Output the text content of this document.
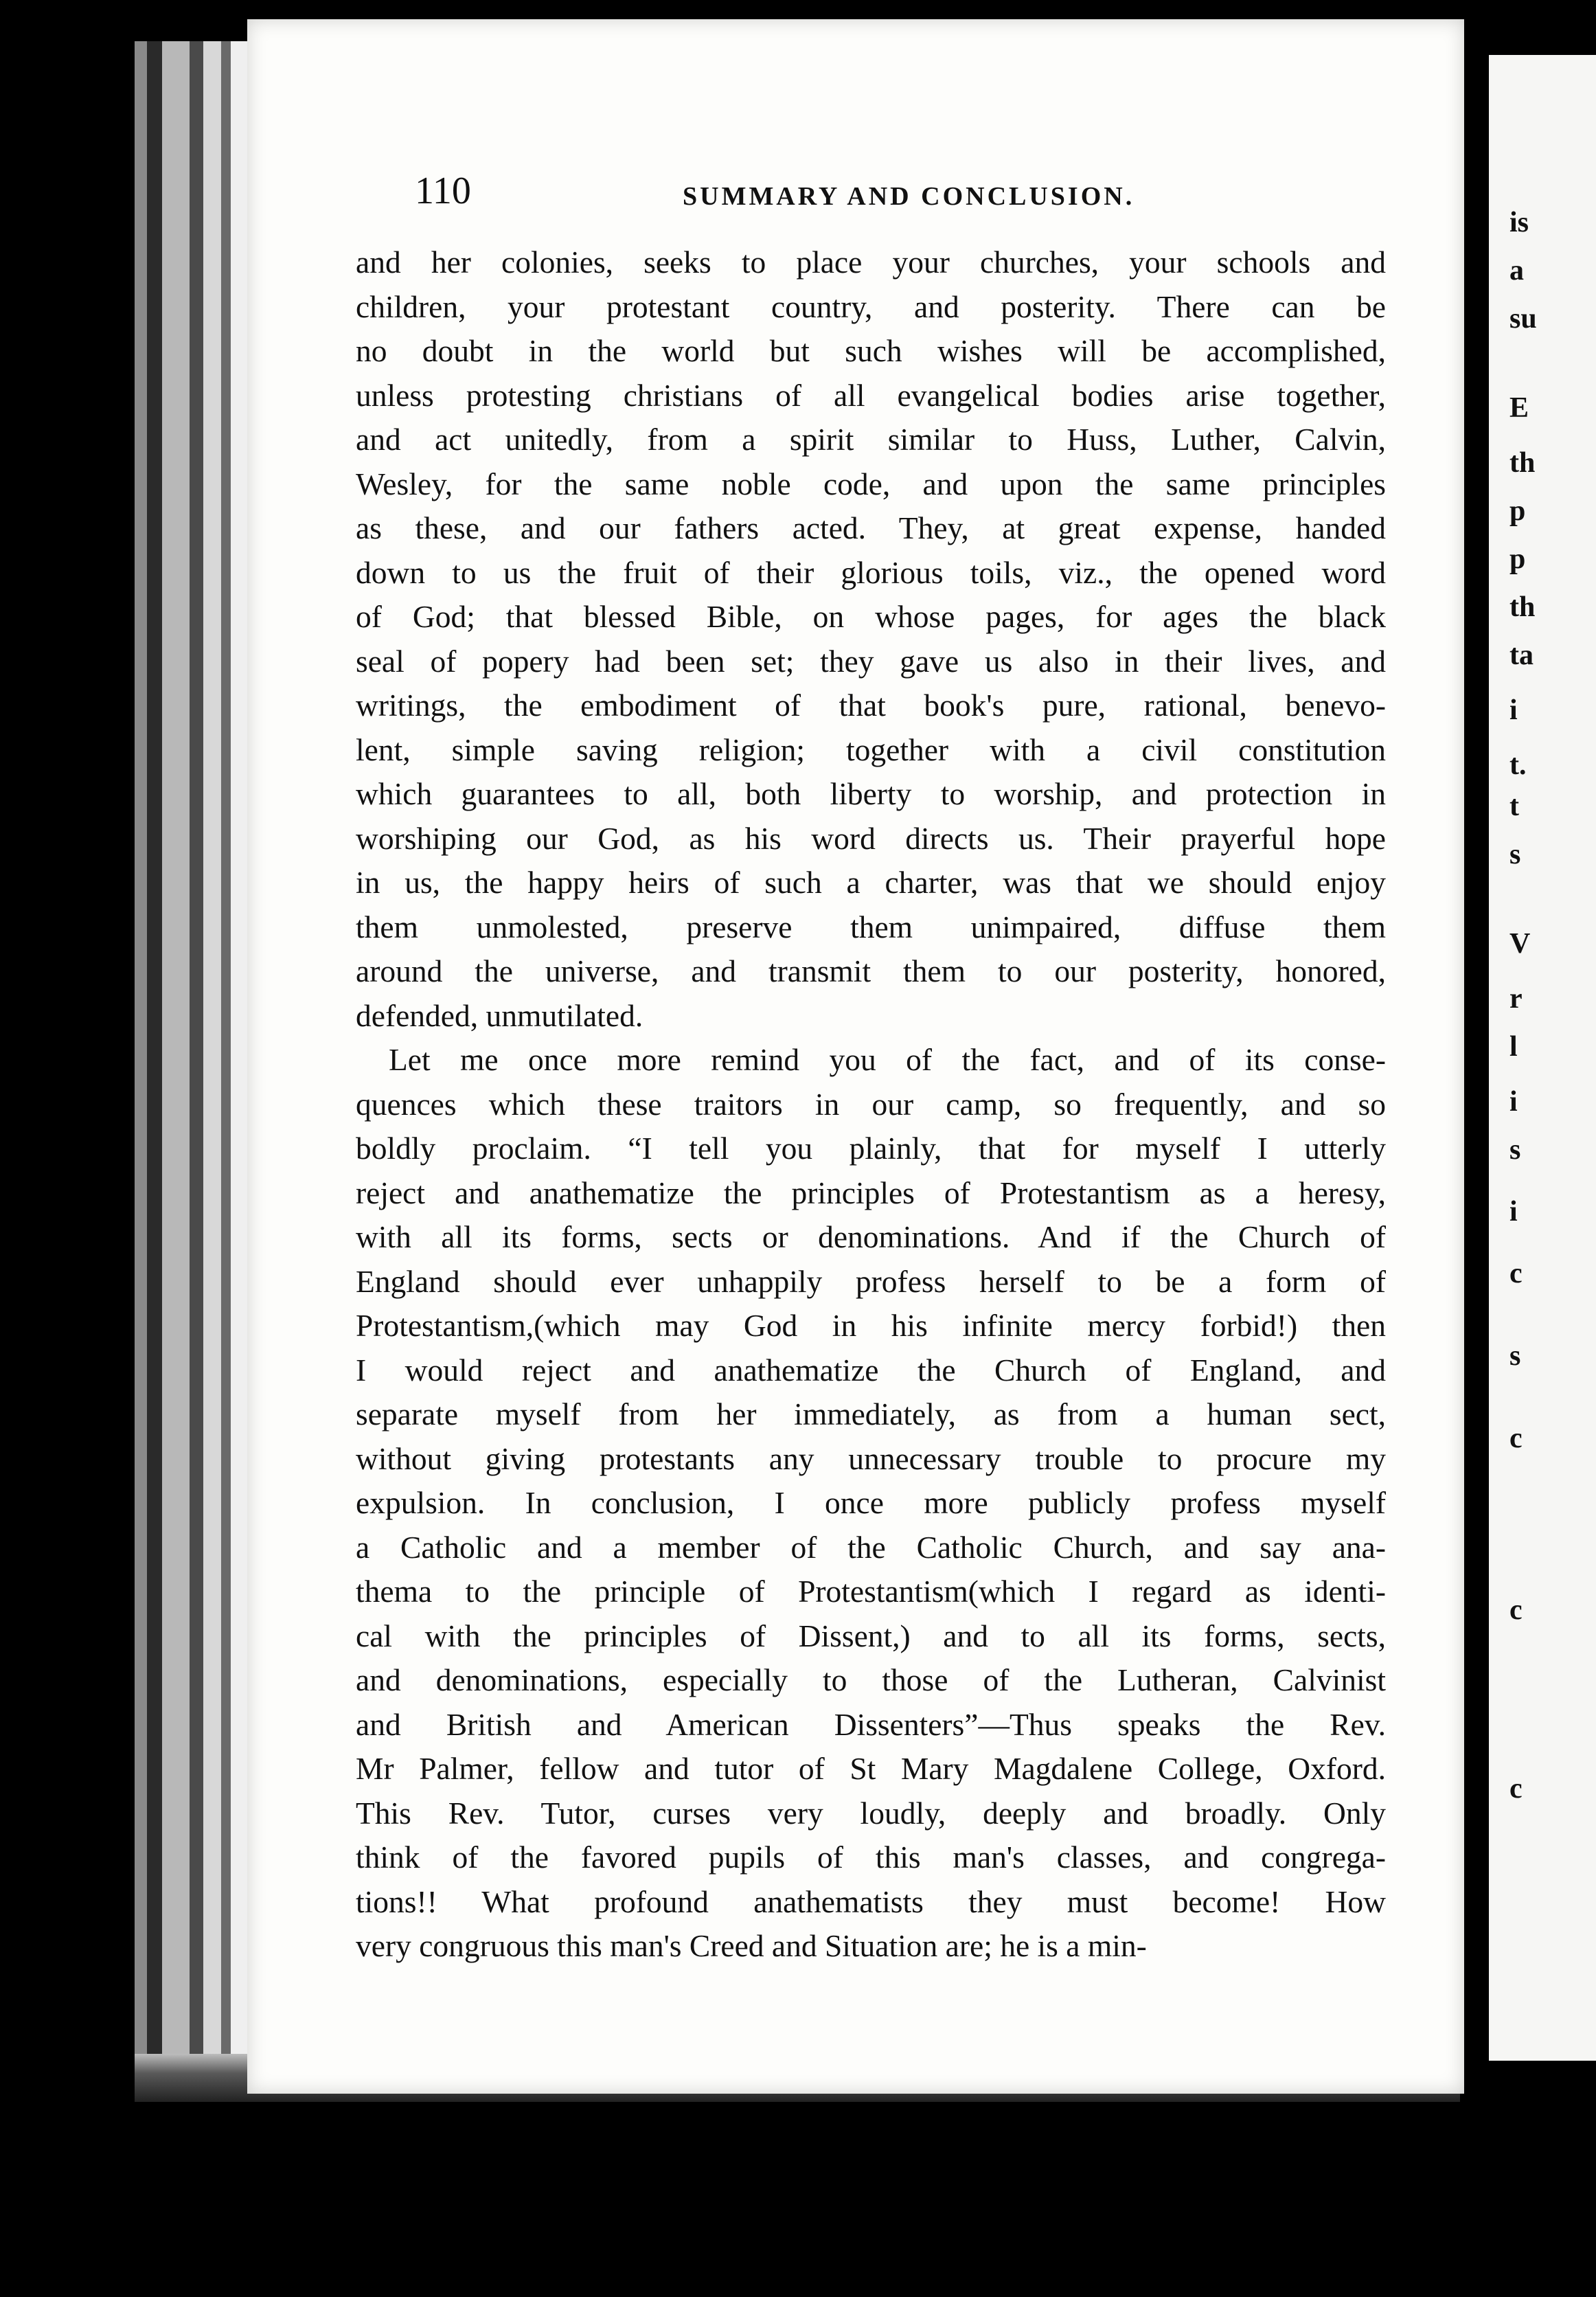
110	SUMMARY AND CONCLUSION.
and her colonies, seeks to place your churches, your schools and
children, your protestant country, and posterity. There can be
no doubt in the world but such wishes will be accomplished,
unless protesting christians of all evangelical bodies arise together,
and act unitedly, from a spirit similar to Huss, Luther, Calvin,
Wesley, for the same noble code, and upon the same principles
as these, and our fathers acted. They, at great expense, handed
down to us the fruit of their glorious toils, viz., the opened word
of God; that blessed Bible, on whose pages, for ages the black
seal of popery had been set; they gave us also in their lives, and
writings, the embodiment of that book's pure, rational, benevo-
lent, simple saving religion; together with a civil constitution
which guarantees to all, both liberty to worship, and protection in
worshiping our God, as his word directs us. Their prayerful hope
in us, the happy heirs of such a charter, was that we should enjoy
them unmolested, preserve them unimpaired, diffuse them
around the universe, and transmit them to our posterity, honored,
defended, unmutilated.
Let me once more remind you of the fact, and of its conse-
quences which these traitors in our camp, so frequently, and so
boldly proclaim. “I tell you plainly, that for myself I utterly
reject and anathematize the principles of Protestantism as a heresy,
with all its forms, sects or denominations. And if the Church of
England should ever unhappily profess herself to be a form of
Protestantism,(which may God in his infinite mercy forbid!) then
I would reject and anathematize the Church of England, and
separate myself from her immediately, as from a human sect,
without giving protestants any unnecessary trouble to procure my
expulsion. In conclusion, I once more publicly profess myself
a Catholic and a member of the Catholic Church, and say ana-
thema to the principle of Protestantism(which I regard as identi-
cal with the principles of Dissent,) and to all its forms, sects,
and denominations, especially to those of the Lutheran, Calvinist
and British and American Dissenters”—Thus speaks the Rev.
Mr Palmer, fellow and tutor of St Mary Magdalene College, Oxford.
This Rev. Tutor, curses very loudly, deeply and broadly. Only
think of the favored pupils of this man's classes, and congrega-
tions!! What profound anathematists they must become! How
very congruous this man's Creed and Situation are; he is a min-
is
a
su
E
th
p
p
th
ta
i
t.
t
s
V
r
l
i
s
i
c
s
c
c
c
